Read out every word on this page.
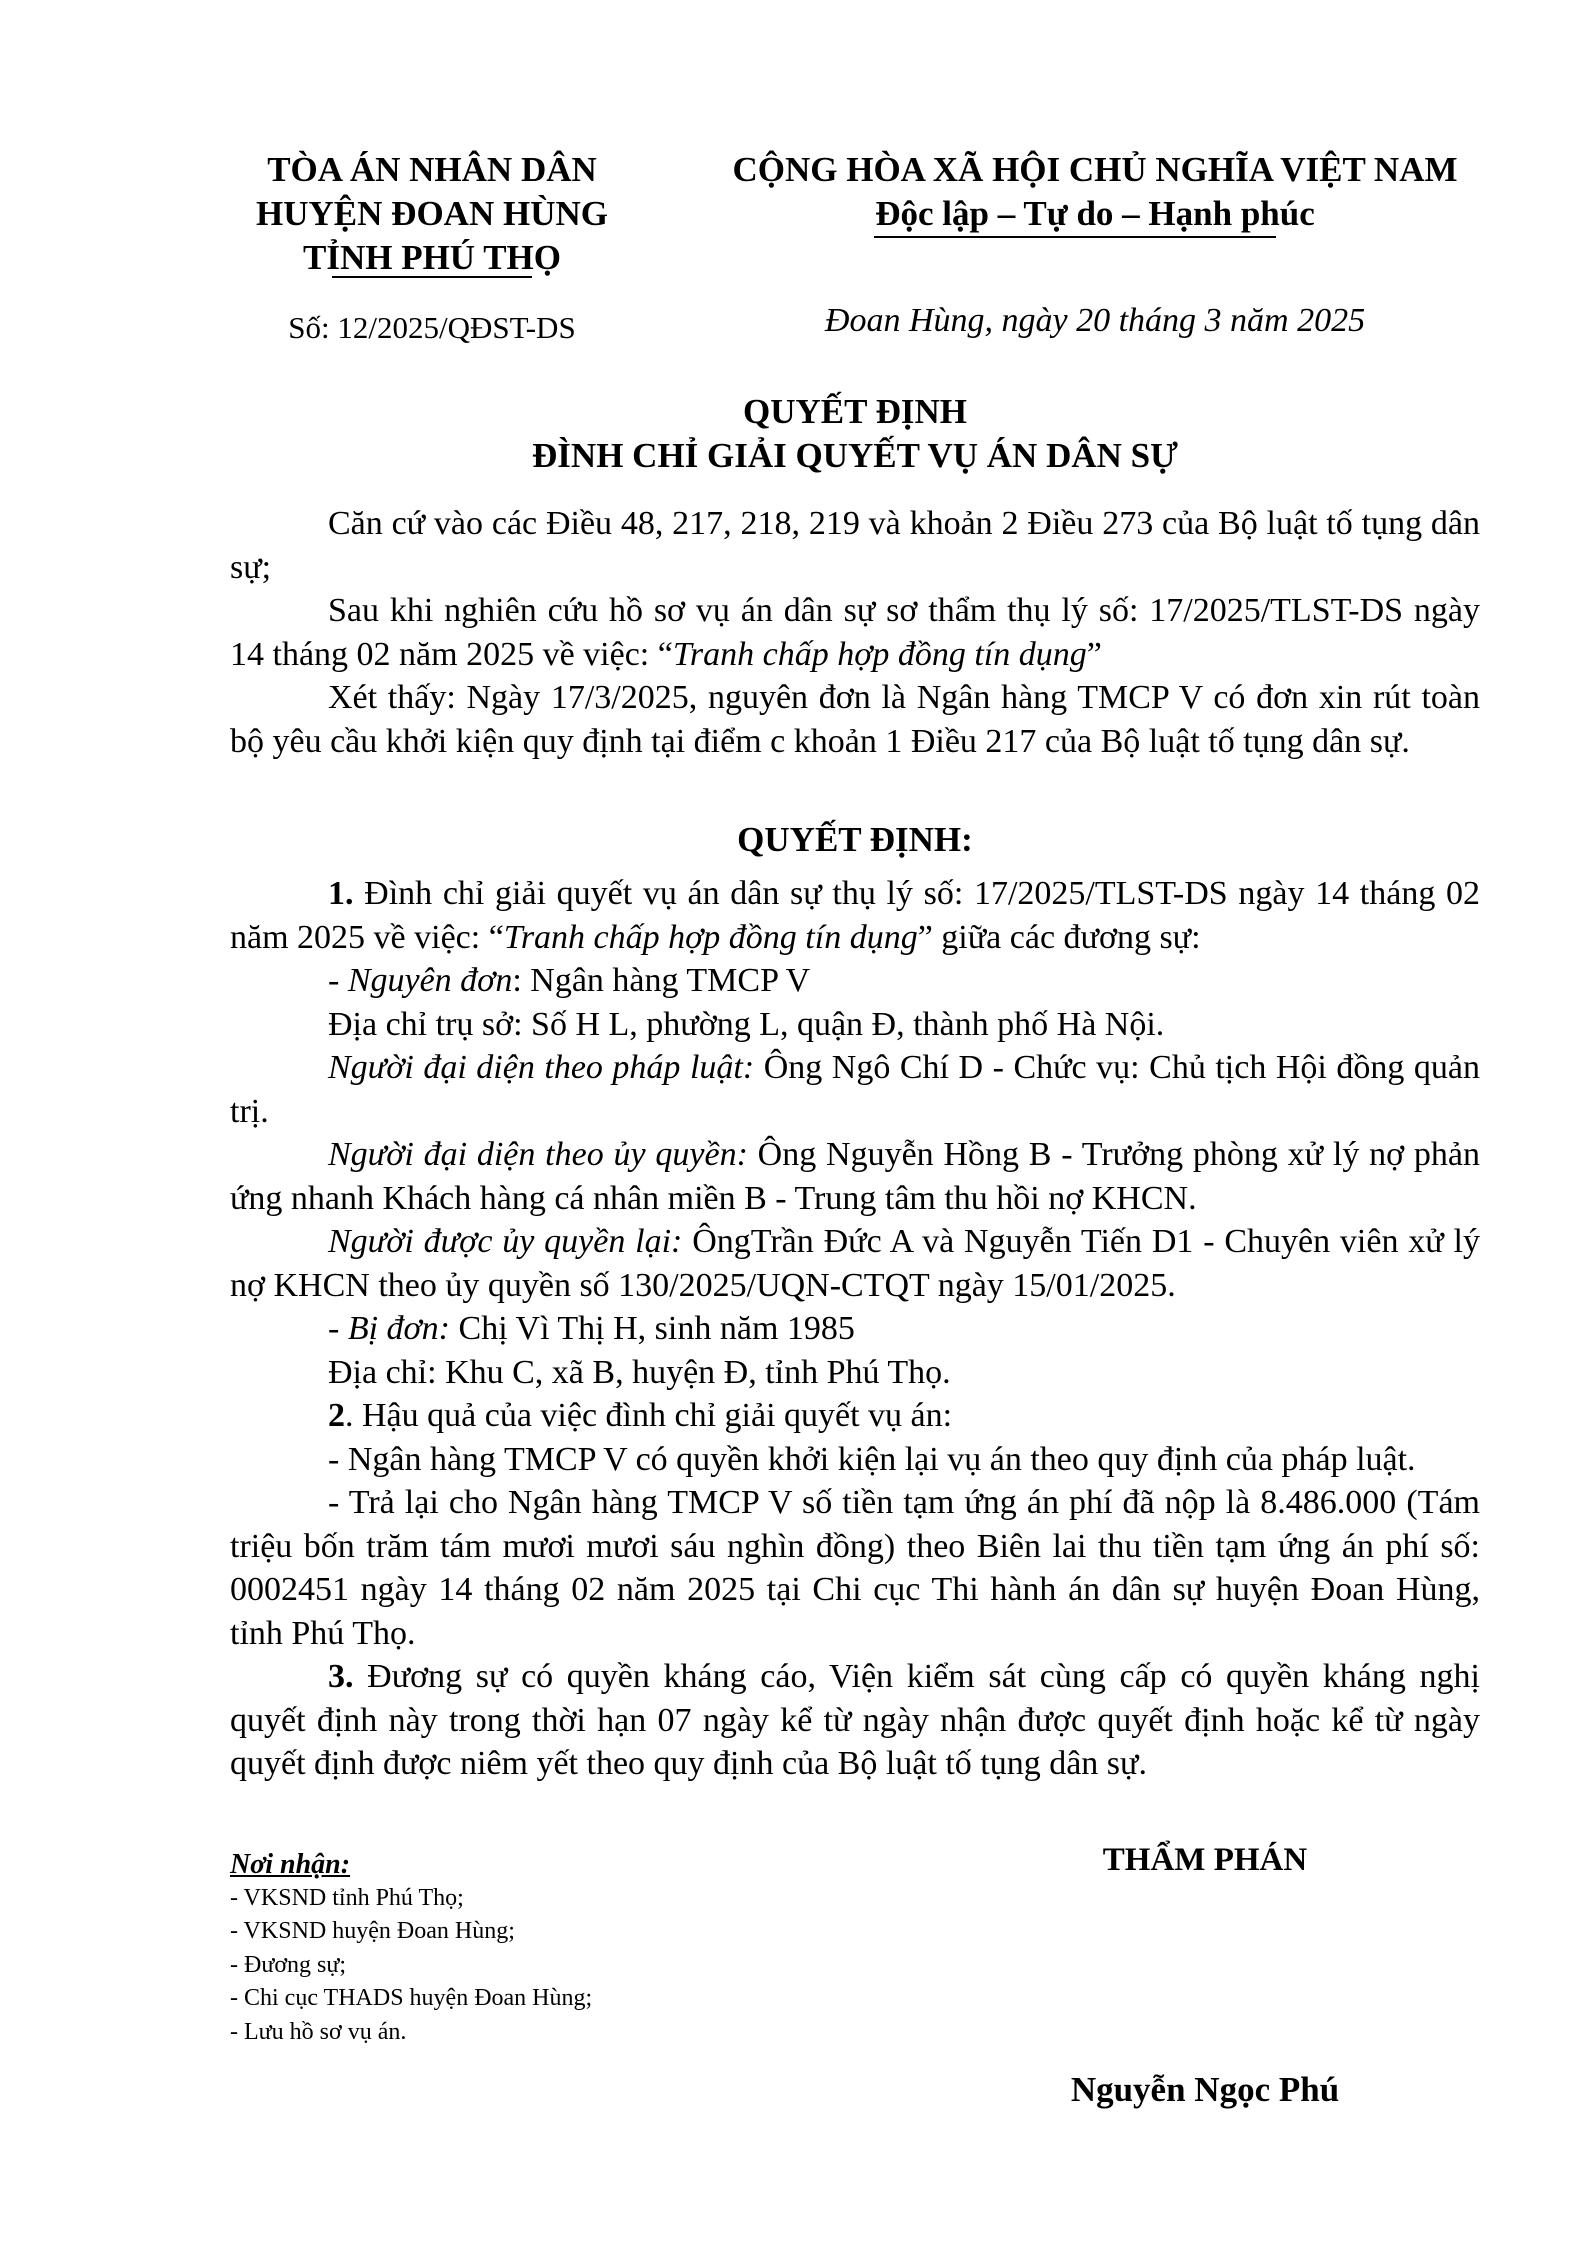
TÒA ÁN NHÂN DÂN
HUYỆN ĐOAN HÙNG
TỈNH PHÚ THỌ
CỘNG HÒA XÃ HỘI CHỦ NGHĨA VIỆT NAM
Độc lập – Tự do – Hạnh phúc
Số: 12/2025/QĐST-DS	Đoan Hùng, ngày 20 tháng 3 năm 2025
QUYẾT ĐỊNH
ĐÌNH CHỈ GIẢI QUYẾT VỤ ÁN DÂN SỰ

Căn cứ vào các Điều 48, 217, 218, 219 và khoản 2 Điều 273 của Bộ luật tố tụng dân sự;

Sau khi nghiên cứu hồ sơ vụ án dân sự sơ thẩm thụ lý số: 17/2025/TLST-DS ngày 14 tháng 02 năm 2025 về việc: “Tranh chấp hợp đồng tín dụng”

Xét thấy: Ngày 17/3/2025, nguyên đơn là Ngân hàng TMCP V có đơn xin rút toàn bộ yêu cầu khởi kiện quy định tại điểm c khoản 1 Điều 217 của Bộ luật tố tụng dân sự.

QUYẾT ĐỊNH:

1. Đình chỉ giải quyết vụ án dân sự thụ lý số: 17/2025/TLST-DS ngày 14 tháng 02 năm 2025 về việc: “Tranh chấp hợp đồng tín dụng” giữa các đương sự:

- Nguyên đơn: Ngân hàng TMCP V

Địa chỉ trụ sở: Số H L, phường L, quận Đ, thành phố Hà Nội.

Người đại diện theo pháp luật: Ông Ngô Chí D - Chức vụ: Chủ tịch Hội đồng quản trị.

Người đại diện theo ủy quyền: Ông Nguyễn Hồng B - Trưởng phòng xử lý nợ phản ứng nhanh Khách hàng cá nhân miền B - Trung tâm thu hồi nợ KHCN.

Người được ủy quyền lại: ÔngTrần Đức A và Nguyễn Tiến D1 - Chuyên viên xử lý nợ KHCN theo ủy quyền số 130/2025/UQN-CTQT ngày 15/01/2025.

- Bị đơn: Chị Vì Thị H, sinh năm 1985

Địa chỉ: Khu C, xã B, huyện Đ, tỉnh Phú Thọ.

2. Hậu quả của việc đình chỉ giải quyết vụ án:

- Ngân hàng TMCP V có quyền khởi kiện lại vụ án theo quy định của pháp luật.

- Trả lại cho Ngân hàng TMCP V số tiền tạm ứng án phí đã nộp là 8.486.000 (Tám triệu bốn trăm tám mươi mươi sáu nghìn đồng) theo Biên lai thu tiền tạm ứng án phí số: 0002451 ngày 14 tháng 02 năm 2025 tại Chi cục Thi hành án dân sự huyện Đoan Hùng, tỉnh Phú Thọ.

3. Đương sự có quyền kháng cáo, Viện kiểm sát cùng cấp có quyền kháng nghị quyết định này trong thời hạn 07 ngày kể từ ngày nhận được quyết định hoặc kể từ ngày quyết định được niêm yết theo quy định của Bộ luật tố tụng dân sự.

Nơi nhận:
- VKSND tỉnh Phú Thọ;
- VKSND huyện Đoan Hùng;
- Đương sự;
- Chi cục THADS huyện Đoan Hùng;
- Lưu hồ sơ vụ án.
THẨM PHÁN
Nguyễn Ngọc Phú
